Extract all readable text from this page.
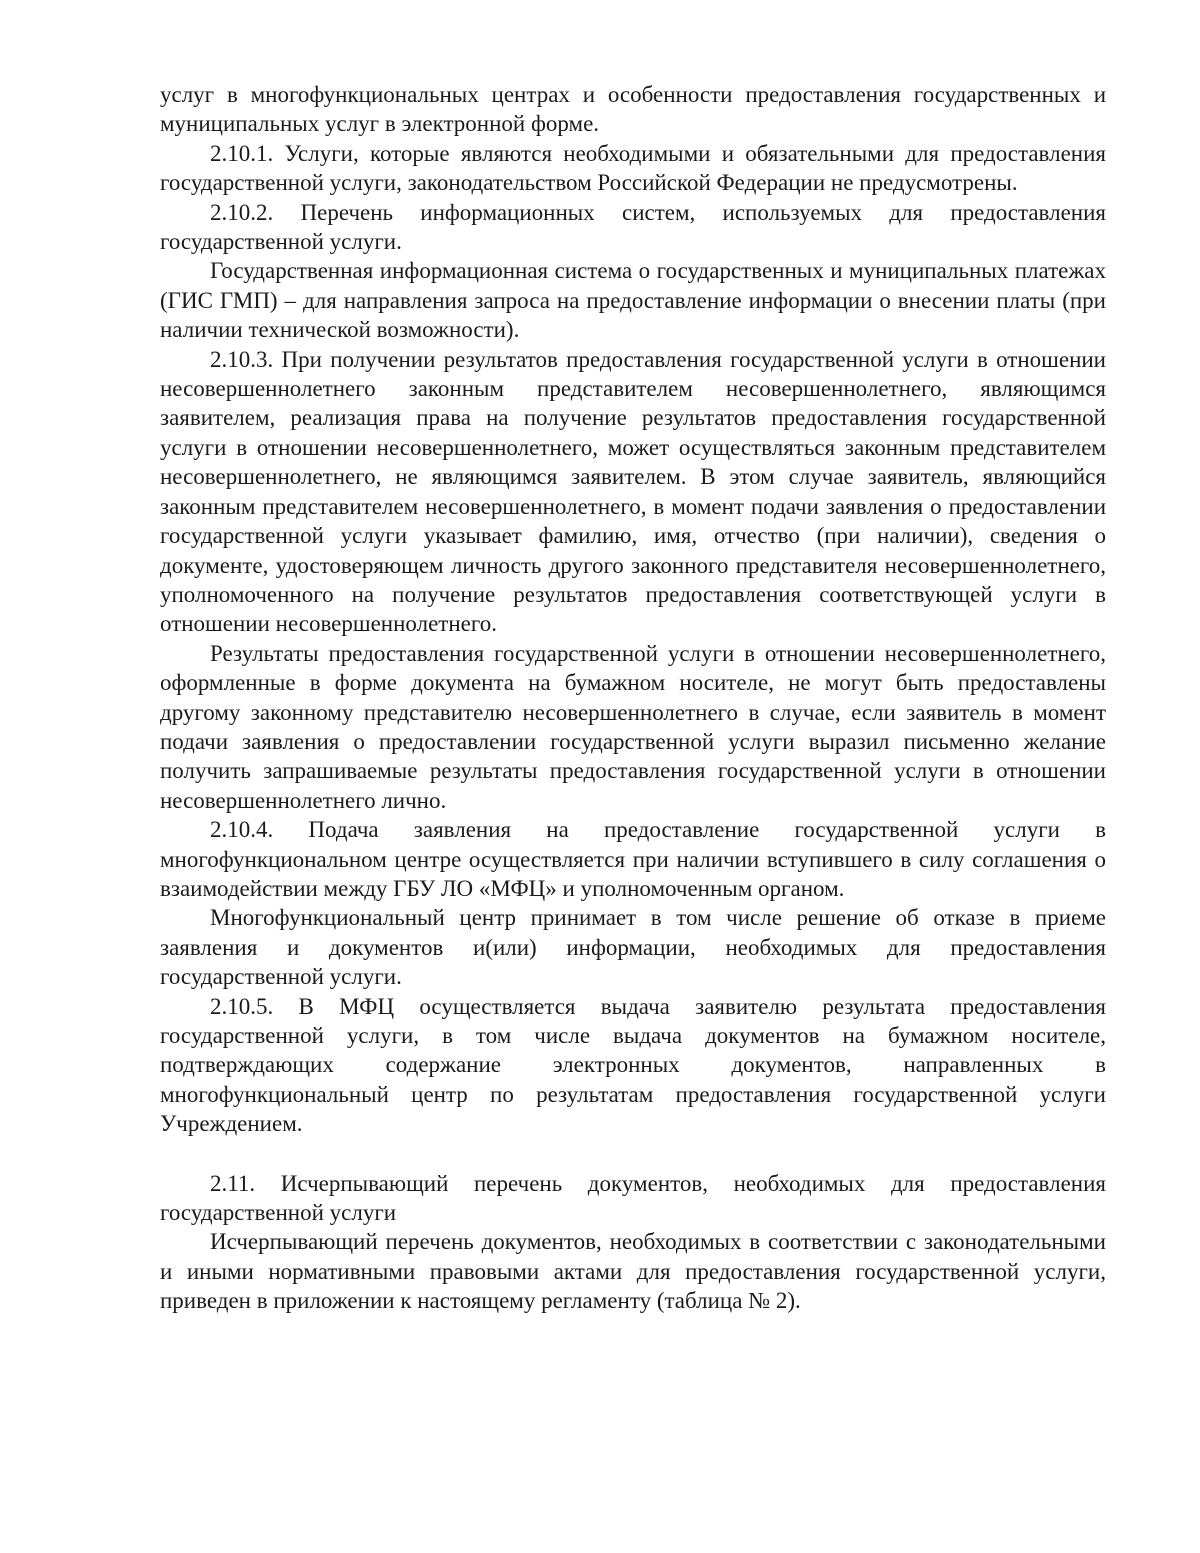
услуг в многофункциональных центрах и особенности предоставления государственных и муниципальных услуг в электронной форме.

2.10.1. Услуги, которые являются необходимыми и обязательными для предоставления государственной услуги, законодательством Российской Федерации не предусмотрены.

2.10.2. Перечень информационных систем, используемых для предоставления государственной услуги.

Государственная информационная система о государственных и муниципальных платежах (ГИС ГМП) – для направления запроса на предоставление информации о внесении платы (при наличии технической возможности).

2.10.3. При получении результатов предоставления государственной услуги в отношении несовершеннолетнего законным представителем несовершеннолетнего, являющимся заявителем, реализация права на получение результатов предоставления государственной услуги в отношении несовершеннолетнего, может осуществляться законным представителем несовершеннолетнего, не являющимся заявителем. В этом случае заявитель, являющийся законным представителем несовершеннолетнего, в момент подачи заявления о предоставлении государственной услуги указывает фамилию, имя, отчество (при наличии), сведения о документе, удостоверяющем личность другого законного представителя несовершеннолетнего, уполномоченного на получение результатов предоставления соответствующей услуги в отношении несовершеннолетнего.

Результаты предоставления государственной услуги в отношении несовершеннолетнего, оформленные в форме документа на бумажном носителе, не могут быть предоставлены другому законному представителю несовершеннолетнего в случае, если заявитель в момент подачи заявления о предоставлении государственной услуги выразил письменно желание получить запрашиваемые результаты предоставления государственной услуги в отношении несовершеннолетнего лично.

2.10.4. Подача заявления на предоставление государственной услуги в многофункциональном центре осуществляется при наличии вступившего в силу соглашения о взаимодействии между ГБУ ЛО «МФЦ» и уполномоченным органом.

Многофункциональный центр принимает в том числе решение об отказе в приеме заявления и документов и(или) информации, необходимых для предоставления государственной услуги.

2.10.5. В МФЦ осуществляется выдача заявителю результата предоставления государственной услуги, в том числе выдача документов на бумажном носителе, подтверждающих содержание электронных документов, направленных в многофункциональный центр по результатам предоставления государственной услуги Учреждением.

2.11. Исчерпывающий перечень документов, необходимых для предоставления государственной услуги

Исчерпывающий перечень документов, необходимых в соответствии с законодательными и иными нормативными правовыми актами для предоставления государственной услуги, приведен в приложении к настоящему регламенту (таблица № 2).
